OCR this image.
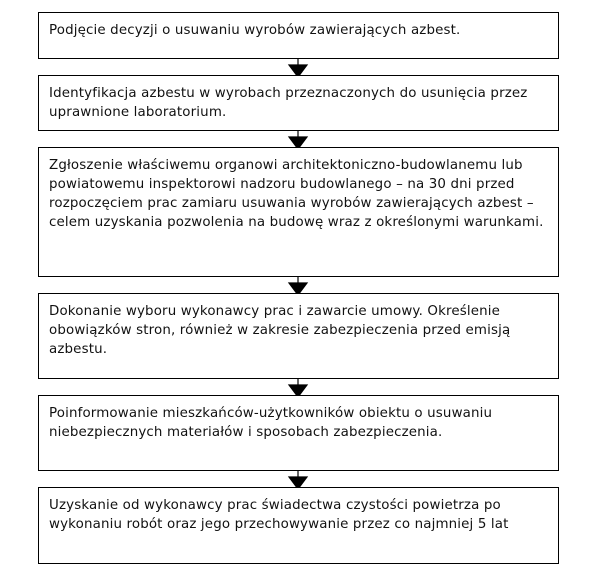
Podjęcie decyzji o usuwaniu wyrobów zawierających azbest.
Identyfikacja azbestu w wyrobach przeznaczonych do usunięcia przez uprawnione laboratorium.
Zgłoszenie właściwemu organowi architektoniczno-budowlanemu lub powiatowemu inspektorowi nadzoru budowlanego – na 30 dni przed rozpoczęciem prac zamiaru usuwania wyrobów zawierających azbest – celem uzyskania pozwolenia na budowę wraz z określonymi warunkami.
Dokonanie wyboru wykonawcy prac i zawarcie umowy. Określenie obowiązków stron, również w zakresie zabezpieczenia przed emisją azbestu.
Poinformowanie mieszkańców-użytkowników obiektu o usuwaniu niebezpiecznych materiałów i sposobach zabezpieczenia.
Uzyskanie od wykonawcy prac świadectwa czystości powietrza po wykonaniu robót oraz jego przechowywanie przez co najmniej 5 lat
